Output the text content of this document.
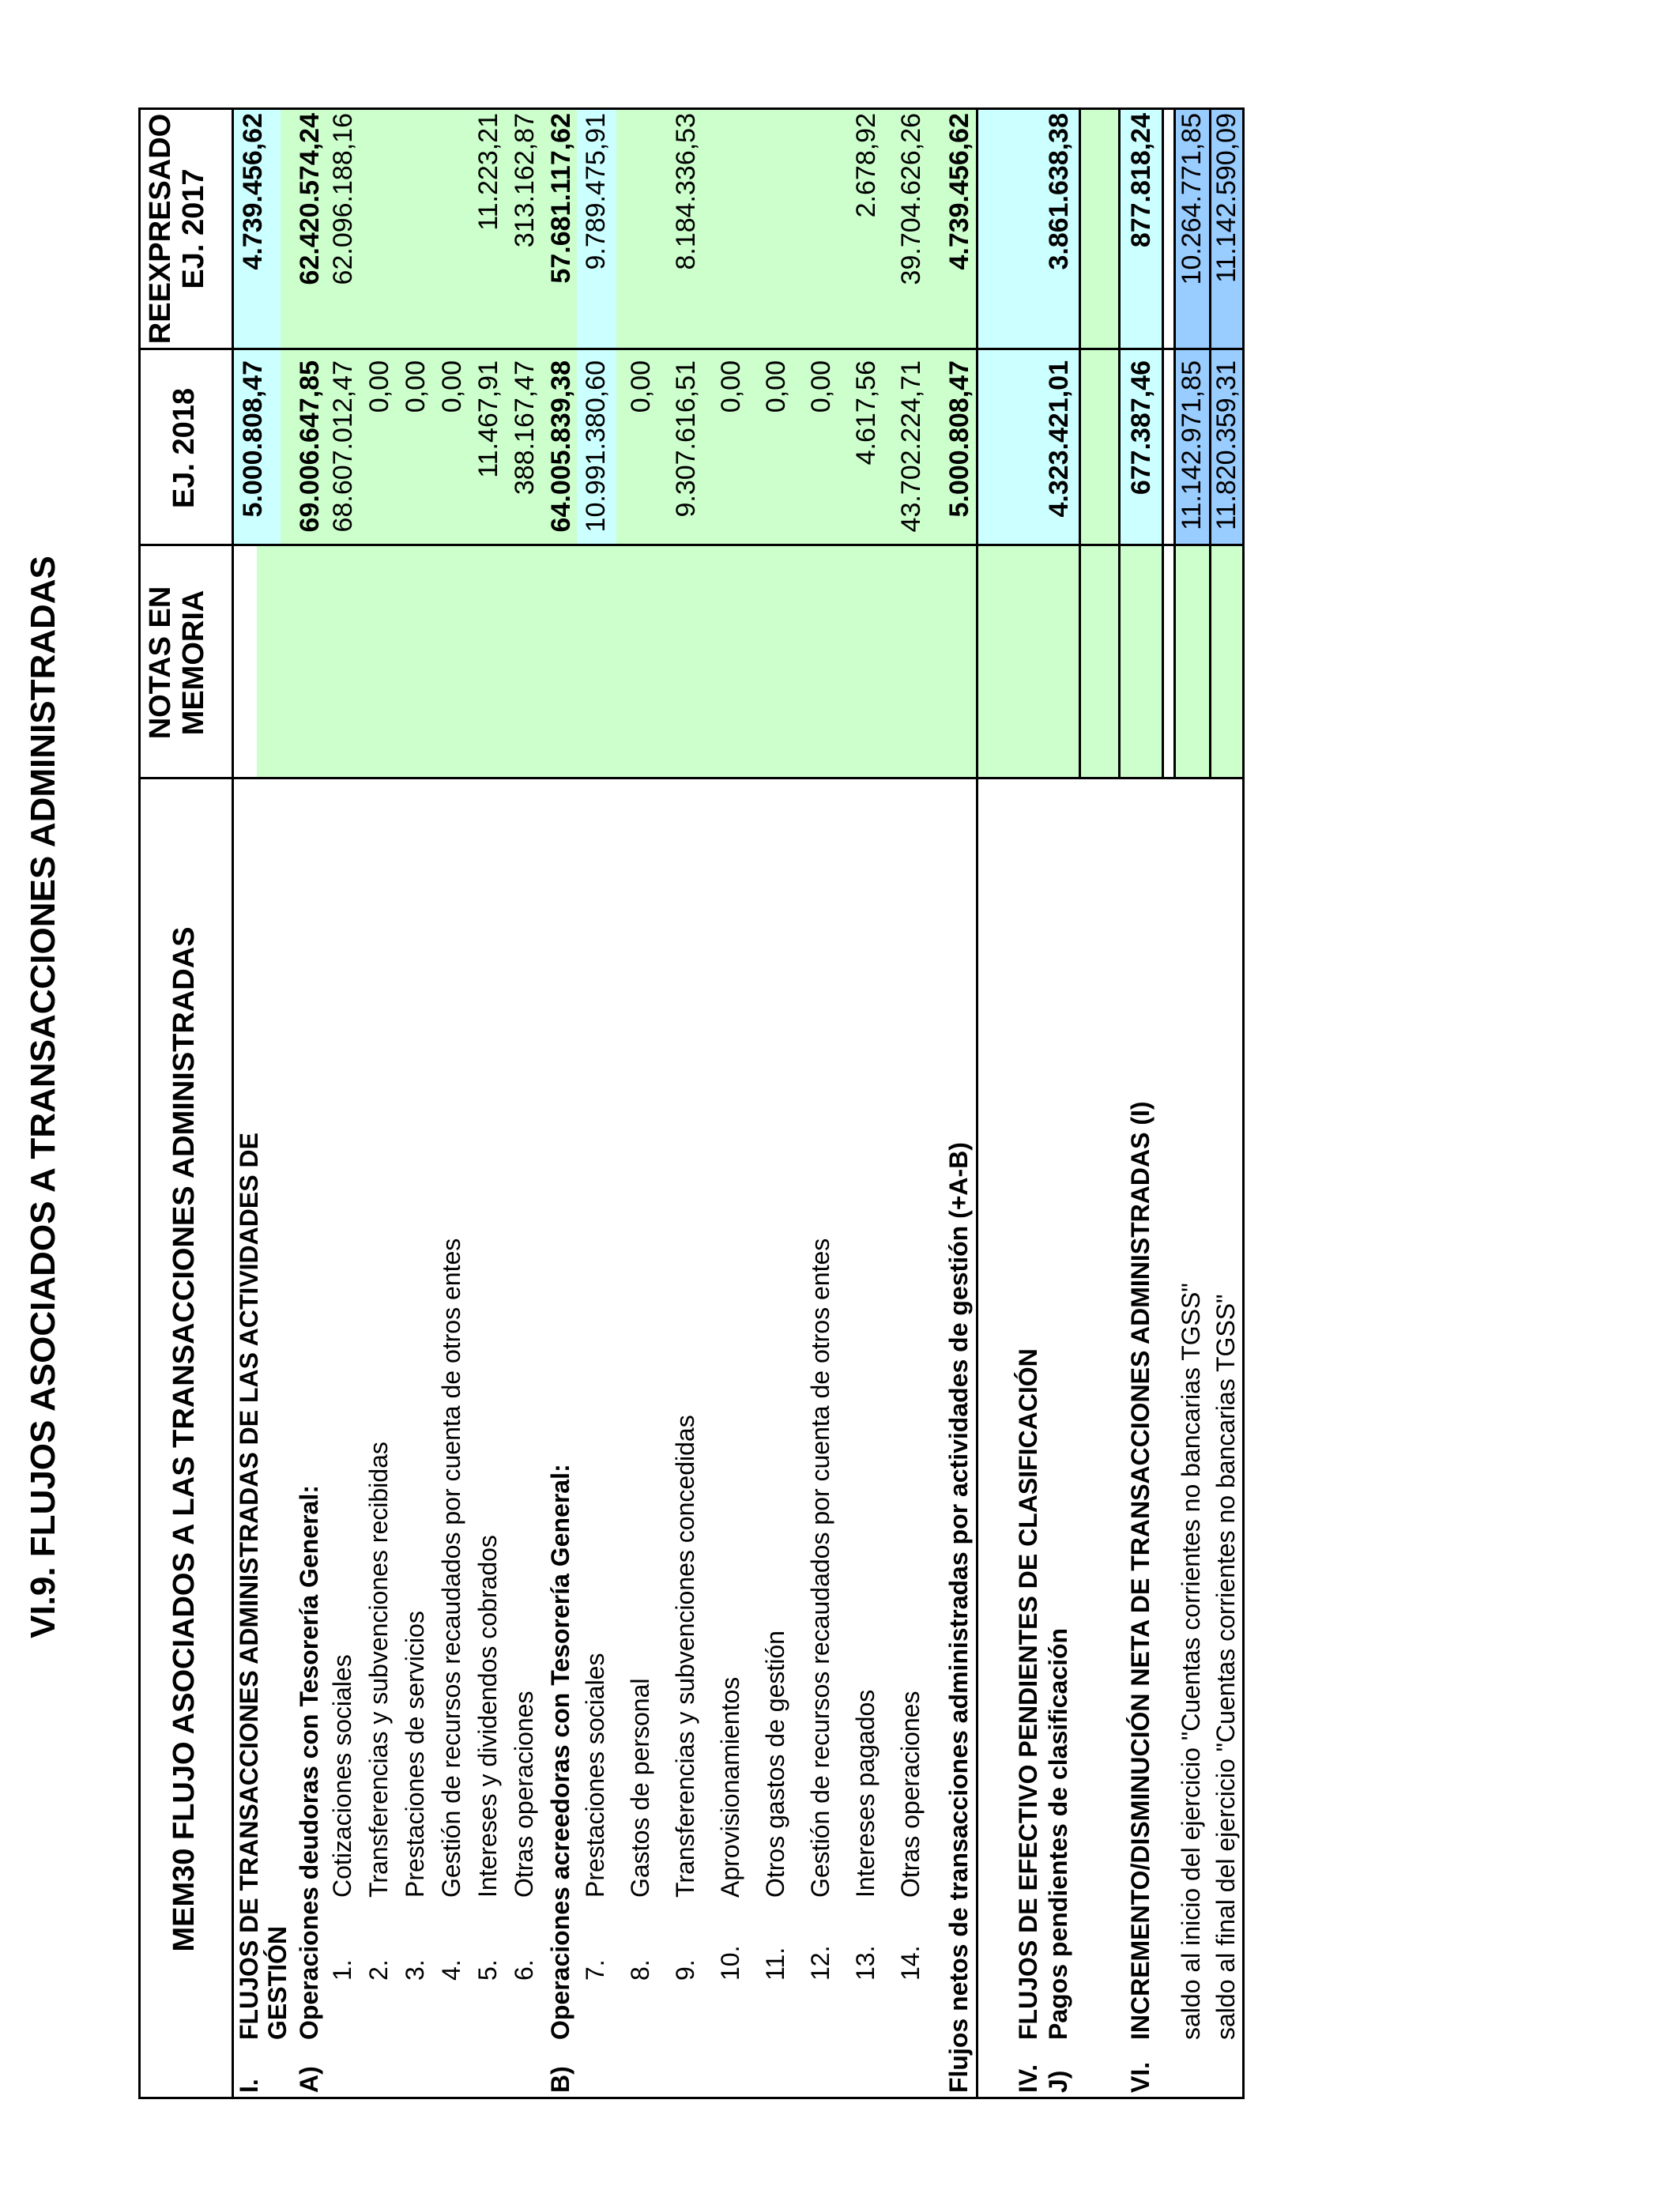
VI.9. FLUJOS ASOCIADOS A TRANSACCIONES ADMINISTRADAS	MEM30 FLUJO ASOCIADOS A LAS TRANSACCIONES ADMINISTRADAS
NOTAS EN MEMORIA
EJ. 2018
REEXPRESADO EJ. 2017
I.
FLUJOS DE TRANSACCIONES ADMINISTRADAS DE LAS ACTIVIDADES DE GESTIÓN
5.000.808,47
4.739.456,62
A)
Operaciones deudoras con Tesorería General:
69.006.647,85
62.420.574,24
1.
Cotizaciones sociales
68.607.012,47
62.096.188,16
2.
Transferencias y subvenciones recibidas
0,00
3.
Prestaciones de servicios
0,00
4.
Gestión de recursos recaudados por cuenta de otros entes
0,00
5.
Intereses y dividendos cobrados
11.467,91
11.223,21
6.
Otras operaciones
388.167,47
313.162,87
B)
Operaciones acreedoras con Tesorería General:
64.005.839,38
57.681.117,62
7.
Prestaciones sociales
10.991.380,60
9.789.475,91
8.
Gastos de personal
0,00
9.
Transferencias y subvenciones concedidas
9.307.616,51
8.184.336,53
10.
Aprovisionamientos
0,00
11.
Otros gastos de gestión
0,00
12.
Gestión de recursos recaudados por cuenta de otros entes
0,00
13.
Intereses pagados
4.617,56
2.678,92
14.
Otras operaciones
43.702.224,71
39.704.626,26
Flujos netos de transacciones administradas por actividades de gestión (+A-B)
5.000.808,47
4.739.456,62
IV.
FLUJOS DE EFECTIVO PENDIENTES DE CLASIFICACIÓN
J)
Pagos pendientes de clasificación
4.323.421,01
3.861.638,38
VI.
INCREMENTO/DISMINUCIÓN NETA DE TRANSACCIONES ADMINISTRADAS (I)
677.387,46
877.818,24
saldo al inicio del ejercicio "Cuentas corrientes no bancarias TGSS"
11.142.971,85
10.264.771,85
saldo al final del ejercicio "Cuentas corrientes no bancarias TGSS"
11.820.359,31
11.142.590,09
